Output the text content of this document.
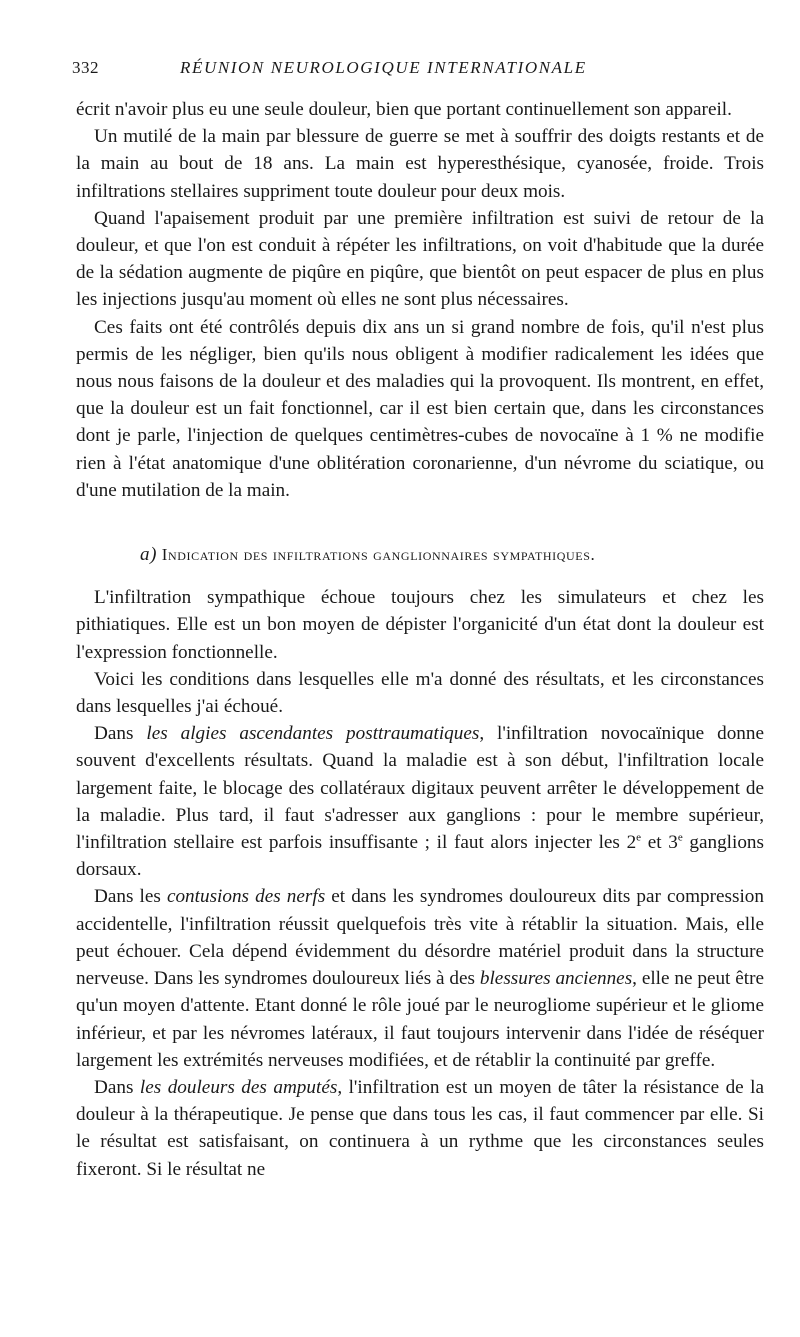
332	RÉUNION NEUROLOGIQUE INTERNATIONALE

écrit n'avoir plus eu une seule douleur, bien que portant continuellement son appareil.

Un mutilé de la main par blessure de guerre se met à souffrir des doigts restants et de la main au bout de 18 ans. La main est hyperesthésique, cyanosée, froide. Trois infiltrations stellaires suppriment toute douleur pour deux mois.

Quand l'apaisement produit par une première infiltration est suivi de retour de la douleur, et que l'on est conduit à répéter les infiltrations, on voit d'habitude que la durée de la sédation augmente de piqûre en piqûre, que bientôt on peut espacer de plus en plus les injections jusqu'au moment où elles ne sont plus nécessaires.

Ces faits ont été contrôlés depuis dix ans un si grand nombre de fois, qu'il n'est plus permis de les négliger, bien qu'ils nous obligent à modifier radicalement les idées que nous nous faisons de la douleur et des maladies qui la provoquent. Ils montrent, en effet, que la douleur est un fait fonctionnel, car il est bien certain que, dans les circonstances dont je parle, l'injection de quelques centimètres-cubes de novocaïne à 1 % ne modifie rien à l'état anatomique d'une oblitération coronarienne, d'un névrome du sciatique, ou d'une mutilation de la main.

a) Indication des infiltrations ganglionnaires sympathiques.

L'infiltration sympathique échoue toujours chez les simulateurs et chez les pithiatiques. Elle est un bon moyen de dépister l'organicité d'un état dont la douleur est l'expression fonctionnelle.

Voici les conditions dans lesquelles elle m'a donné des résultats, et les circonstances dans lesquelles j'ai échoué.

Dans les algies ascendantes posttraumatiques, l'infiltration novocaïnique donne souvent d'excellents résultats. Quand la maladie est à son début, l'infiltration locale largement faite, le blocage des collatéraux digitaux peuvent arrêter le développement de la maladie. Plus tard, il faut s'adresser aux ganglions : pour le membre supérieur, l'infiltration stellaire est parfois insuffisante ; il faut alors injecter les 2e et 3e ganglions dorsaux.

Dans les contusions des nerfs et dans les syndromes douloureux dits par compression accidentelle, l'infiltration réussit quelquefois très vite à rétablir la situation. Mais, elle peut échouer. Cela dépend évidemment du désordre matériel produit dans la structure nerveuse. Dans les syndromes douloureux liés à des blessures anciennes, elle ne peut être qu'un moyen d'attente. Etant donné le rôle joué par le neurogliome supérieur et le gliome inférieur, et par les névromes latéraux, il faut toujours intervenir dans l'idée de réséquer largement les extrémités nerveuses modifiées, et de rétablir la continuité par greffe.

Dans les douleurs des amputés, l'infiltration est un moyen de tâter la résistance de la douleur à la thérapeutique. Je pense que dans tous les cas, il faut commencer par elle. Si le résultat est satisfaisant, on continuera à un rythme que les circonstances seules fixeront. Si le résultat ne
